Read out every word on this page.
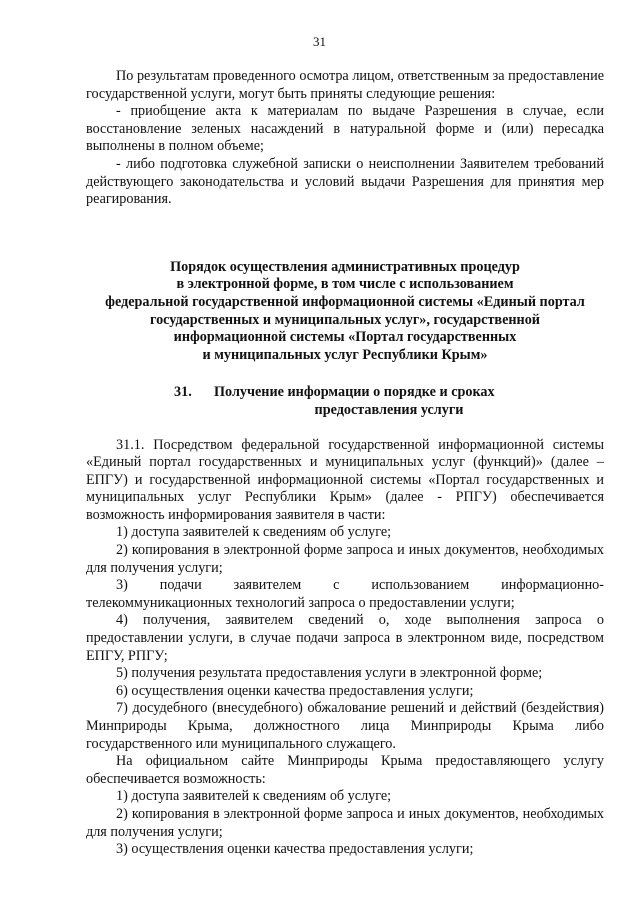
31

По результатам проведенного осмотра лицом, ответственным за предоставление государственной услуги, могут быть приняты следующие решения:

- приобщение акта к материалам по выдаче Разрешения в случае, если восстановление зеленых насаждений в натуральной форме и (или) пересадка выполнены в полном объеме;

- либо подготовка служебной записки о неисполнении Заявителем требований действующего законодательства и условий выдачи Разрешения для принятия мер реагирования.

Порядок осуществления административных процедур
в электронной форме, в том числе с использованием
федеральной государственной информационной системы «Единый портал
государственных и муниципальных услуг», государственной
информационной системы «Портал государственных
и муниципальных услуг Республики Крым»
31.	Получение информации о порядке и сроках
предоставления услуги

31.1. Посредством федеральной государственной информационной системы «Единый портал государственных и муниципальных услуг (функций)» (далее – ЕПГУ) и государственной информационной системы «Портал государственных и муниципальных услуг Республики Крым» (далее - РПГУ) обеспечивается возможность информирования заявителя в части:

1) доступа заявителей к сведениям об услуге;

2) копирования в электронной форме запроса и иных документов, необходимых для получения услуги;

3) подачи заявителем с использованием информационно-телекоммуникационных технологий запроса о предоставлении услуги;

4) получения, заявителем сведений о, ходе выполнения запроса о предоставлении услуги, в случае подачи запроса в электронном виде, посредством ЕПГУ, РПГУ;

5) получения результата предоставления услуги в электронной форме;

6) осуществления оценки качества предоставления услуги;

7) досудебного (внесудебного) обжалование решений и действий (бездействия) Минприроды Крыма, должностного лица Минприроды Крыма либо государственного или муниципального служащего.

На официальном сайте Минприроды Крыма предоставляющего услугу обеспечивается возможность:

1) доступа заявителей к сведениям об услуге;

2) копирования в электронной форме запроса и иных документов, необходимых для получения услуги;

3) осуществления оценки качества предоставления услуги;
